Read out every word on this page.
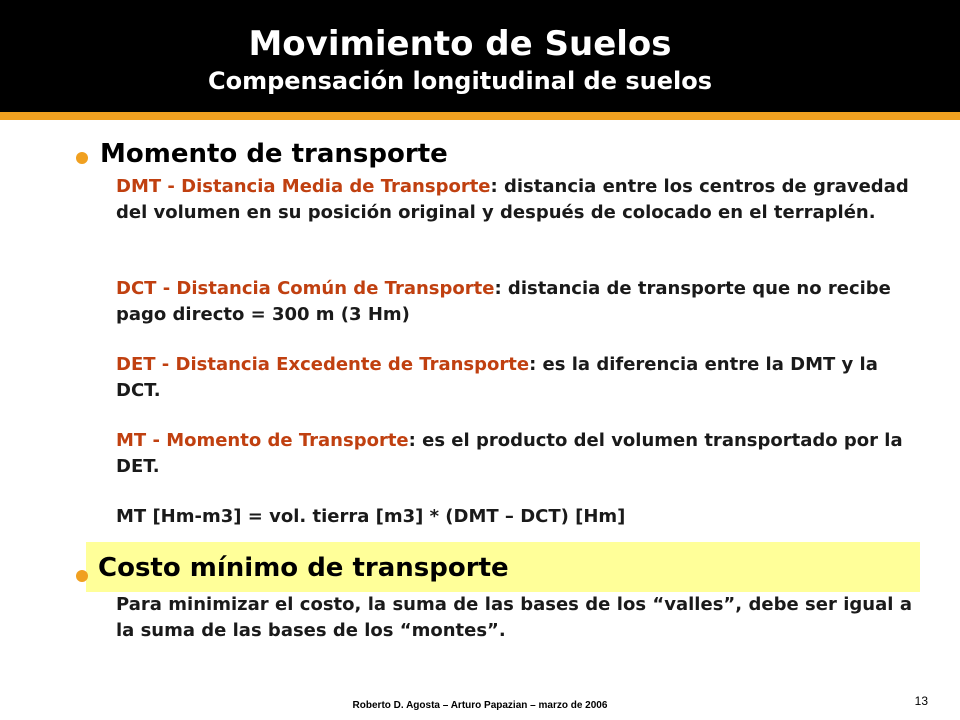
Movimiento de Suelos
Compensación longitudinal de suelos
Momento de transporte
DMT - Distancia Media de Transporte: distancia entre los centros de gravedad del volumen en su posición original y después de colocado en el terraplén.
DCT - Distancia Común de Transporte: distancia de transporte que no recibe pago directo = 300 m (3 Hm)
DET - Distancia Excedente de Transporte: es la diferencia entre la DMT y la DCT.
MT - Momento de Transporte: es el producto del volumen transportado por la DET.
MT [Hm-m3] = vol. tierra [m3] * (DMT – DCT) [Hm]
Costo mínimo de transporte
Para minimizar el costo, la suma de las bases de los “valles”, debe ser igual a la suma de las bases de los “montes”.
Roberto D. Agosta – Arturo Papazian – marzo de 2006	13
